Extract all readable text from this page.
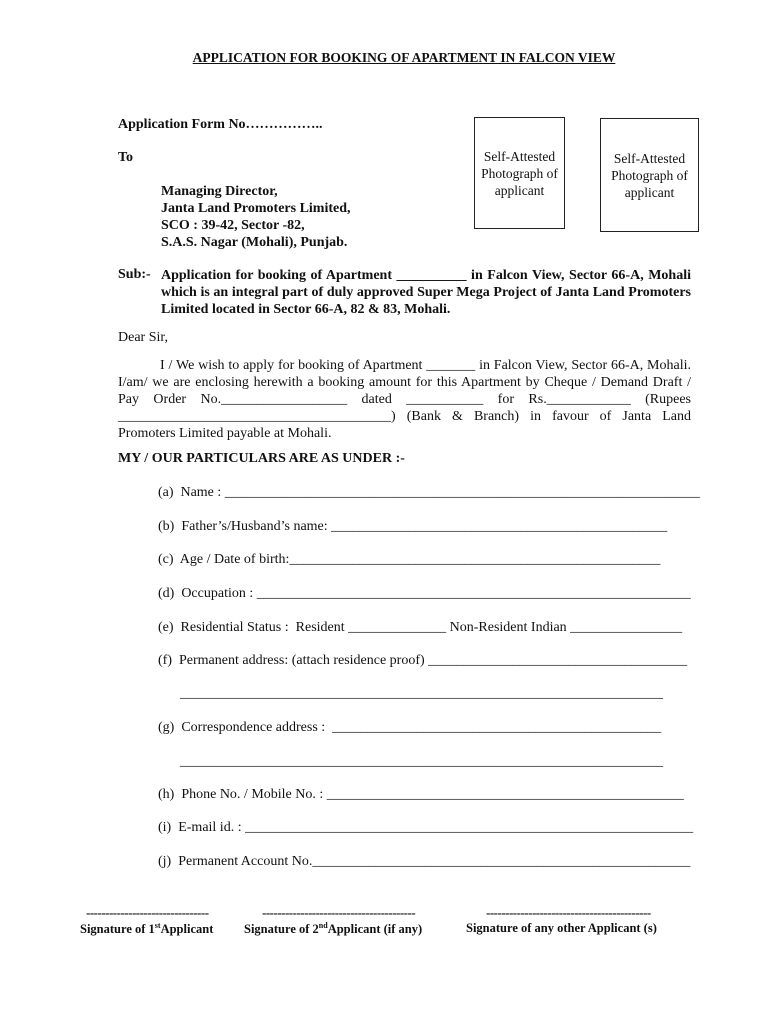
APPLICATION FOR BOOKING OF APARTMENT IN FALCON VIEW
Application Form No……………..
To
Managing Director,
Janta Land Promoters Limited,
SCO : 39-42, Sector -82,
S.A.S. Nagar (Mohali), Punjab.
Self-Attested Photograph of applicant
Self-Attested Photograph of applicant
Sub:- Application for booking of Apartment __________ in Falcon View, Sector 66-A, Mohali which is an integral part of duly approved Super Mega Project of Janta Land Promoters Limited located in Sector 66-A, 82 & 83, Mohali.
Dear Sir,
I / We wish to apply for booking of Apartment _______ in Falcon View, Sector 66-A, Mohali. I/am/ we are enclosing herewith a booking amount for this Apartment by Cheque / Demand Draft / Pay Order No.__________________ dated ___________ for Rs.____________ (Rupees _______________________________________) (Bank & Branch) in favour of Janta Land Promoters Limited payable at Mohali.
MY / OUR PARTICULARS ARE AS UNDER :-
(a)  Name : ____________________________________________________________________
(b)  Father’s/Husband’s name: ________________________________________________
(c)  Age / Date of birth:_____________________________________________________
(d)  Occupation : ______________________________________________________________
(e)  Residential Status :  Resident ______________ Non-Resident Indian ________________
(f)  Permanent address: (attach residence proof) _____________________________________
_____________________________________________________________________
(g)  Correspondence address :  _______________________________________________
_____________________________________________________________________
(h)  Phone No. / Mobile No. : ___________________________________________________
(i)  E-mail id. : ________________________________________________________________
(j)  Permanent Account No.______________________________________________________
--------------------------------	----------------------------------------	-------------------------------------------
Signature of 1stApplicant Signature of 2ndApplicant (if any)	Signature of any other Applicant (s)
